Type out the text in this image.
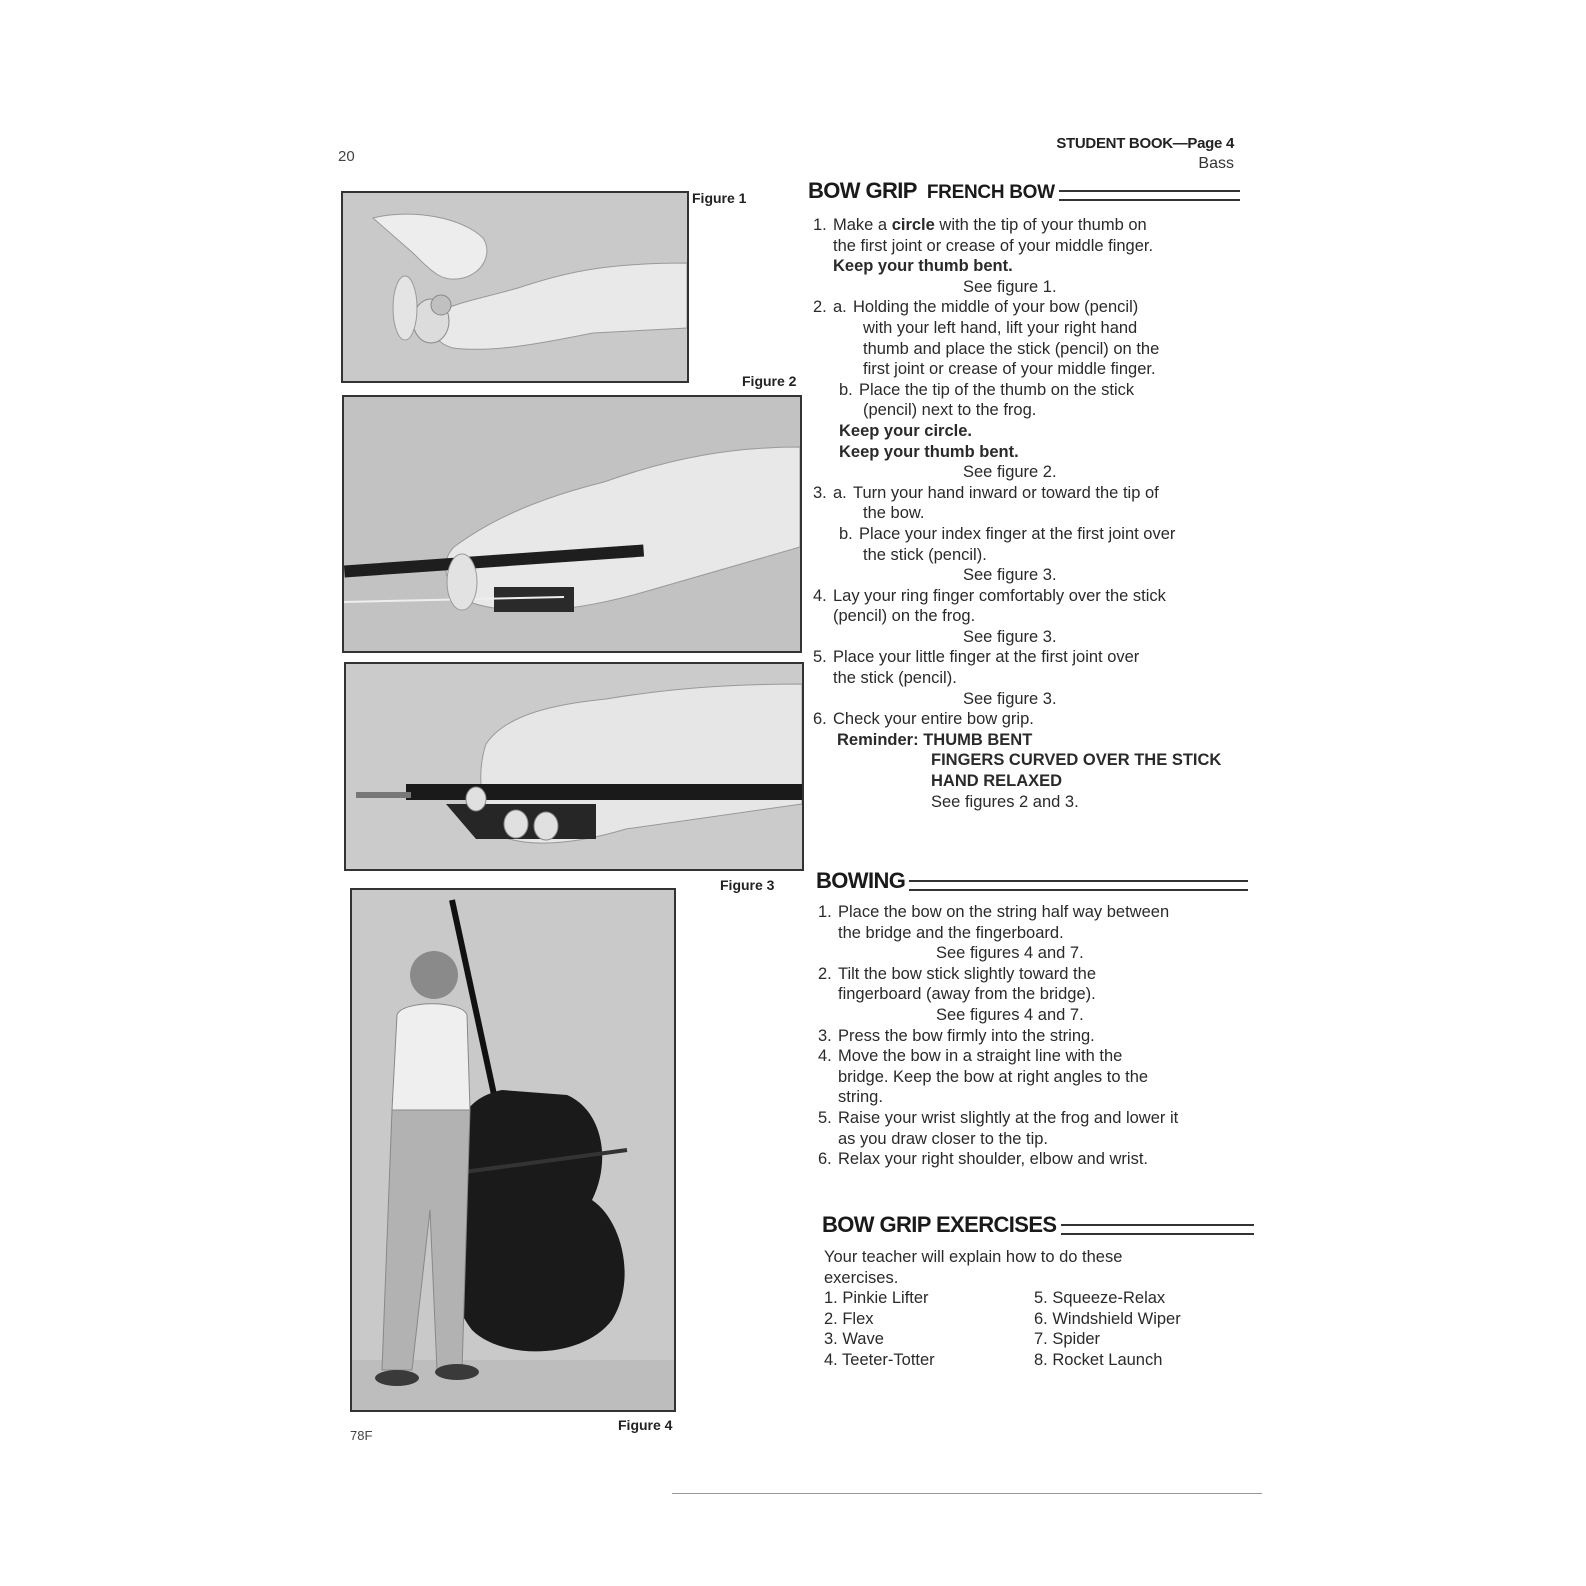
20
STUDENT BOOK—Page 4
Bass
78F
Figure 1
Figure 2
Figure 3
Figure 4
BOW GRIP FRENCH BOW
1. Make a circle with the tip of your thumb on
the first joint or crease of your middle finger.
Keep your thumb bent.
See figure 1.
2. a. Holding the middle of your bow (pencil)
with your left hand, lift your right hand
thumb and place the stick (pencil) on the
first joint or crease of your middle finger.
b. Place the tip of the thumb on the stick
(pencil) next to the frog.
Keep your circle.
Keep your thumb bent.
See figure 2.
3. a. Turn your hand inward or toward the tip of
the bow.
b. Place your index finger at the first joint over
the stick (pencil).
See figure 3.
4. Lay your ring finger comfortably over the stick
(pencil) on the frog.
See figure 3.
5. Place your little finger at the first joint over
the stick (pencil).
See figure 3.
6. Check your entire bow grip.
Reminder: THUMB BENT
FINGERS CURVED OVER THE STICK
HAND RELAXED
See figures 2 and 3.
BOWING
1. Place the bow on the string half way between
the bridge and the fingerboard.
See figures 4 and 7.
2. Tilt the bow stick slightly toward the
fingerboard (away from the bridge).
See figures 4 and 7.
3. Press the bow firmly into the string.
4. Move the bow in a straight line with the
bridge. Keep the bow at right angles to the
string.
5. Raise your wrist slightly at the frog and lower it
as you draw closer to the tip.
6. Relax your right shoulder, elbow and wrist.
BOW GRIP EXERCISES
Your teacher will explain how to do these
exercises.
1. Pinkie Lifter
2. Flex
3. Wave
4. Teeter-Totter
5. Squeeze-Relax
6. Windshield Wiper
7. Spider
8. Rocket Launch
